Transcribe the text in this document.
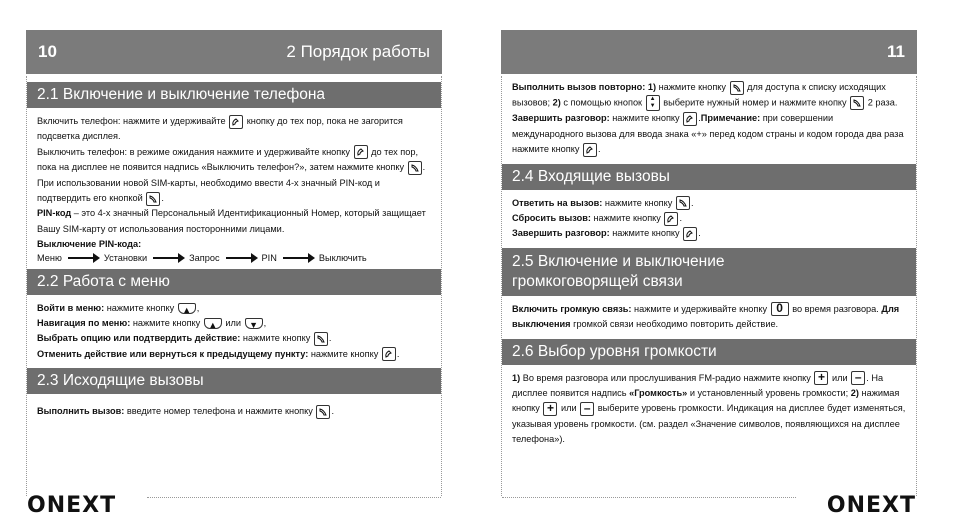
10	2 Порядок работы
2.1 Включение и выключение телефона
Включить телефон: нажмите и удерживайте кнопку до тех пор, пока не загорится подсветка дисплея.
Выключить телефон: в режиме ожидания нажмите и удерживайте кнопку до тех пор, пока на дисплее не появится надпись «Выключить телефон?», затем нажмите кнопку .
При использовании новой SIM-карты, необходимо ввести 4-х значный PIN-код и подтвердить его кнопкой .
PIN-код – это 4-х значный Персональный Идентификационный Номер, который защищает Вашу SIM-карту от использования посторонними лицами.
Выключение PIN-кода:
Меню	Установки	Запрос	PIN	Выключить
2.2 Работа с меню
Войти в меню: нажмите кнопку ▲ ,
Навигация по меню: нажмите кнопку ▲ или ▼ ,
Выбрать опцию или подтвердить действие: нажмите кнопку .
Отменить действие или вернуться к предыдущему пункту: нажмите кнопку .
2.3 Исходящие вызовы
Выполнить вызов: введите номер телефона и нажмите кнопку .
ONEXT
11
Выполнить вызов повторно: 1) нажмите кнопку для доступа к списку исходящих вызовов; 2) с помощью кнопок ▲
▼ выберите нужный номер и нажмите кнопку 2 раза.
Завершить разговор: нажмите кнопку .Примечание: при совершении международного вызова для ввода знака «+» перед кодом страны и кодом города два раза нажмите кнопку .
2.4 Входящие вызовы
Ответить на вызов: нажмите кнопку .
Сбросить вызов: нажмите кнопку .
Завершить разговор: нажмите кнопку .
2.5 Включение и выключение
громкоговорящей связи
Включить громкую связь: нажмите и удерживайте кнопку 0 во время разговора. Для выключения громкой связи необходимо повторить действие.
2.6 Выбор уровня громкости
1) Во время разговора или прослушивания FM-радио нажмите кнопку + или – . На дисплее появится надпись «Громкость» и установленный уровень громкости; 2) нажимая кнопку + или – выберите уровень громкости. Индикация на дисплее будет изменяться, указывая уровень громкости. (см. раздел «Значение символов, появляющихся на дисплее телефона»).
ONEXT
